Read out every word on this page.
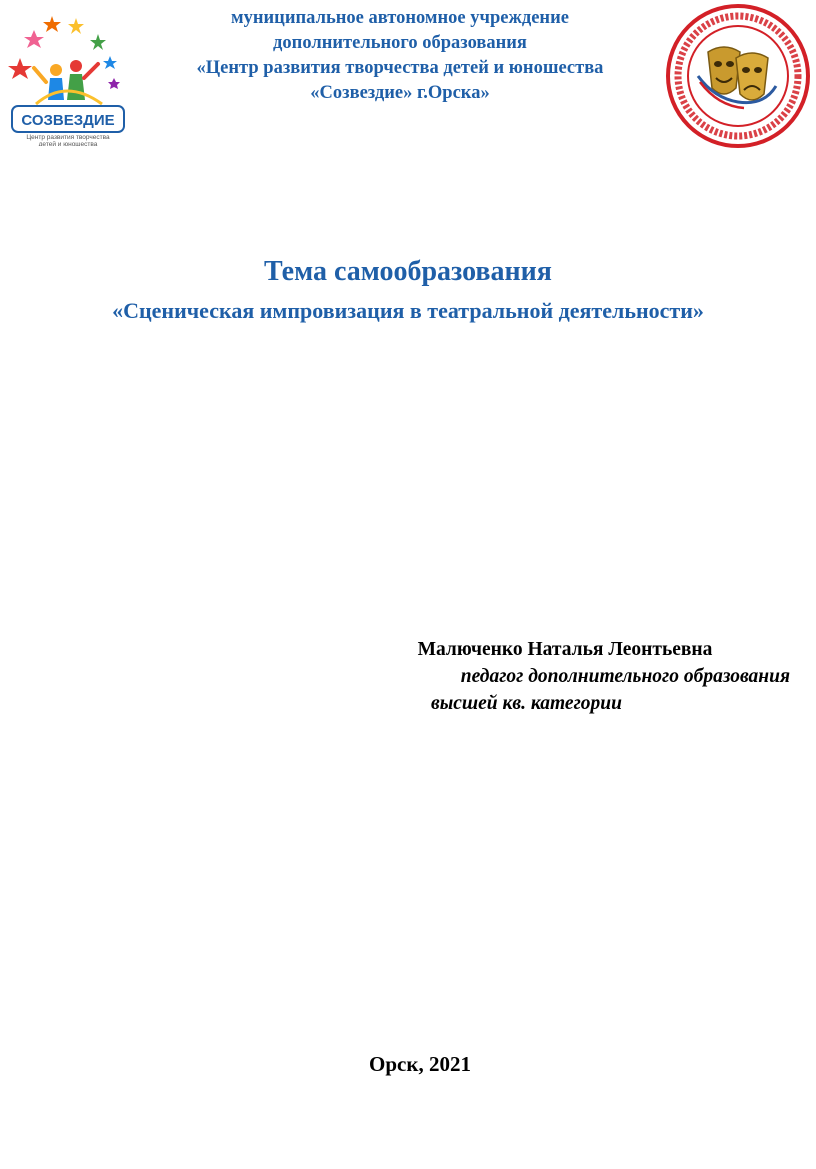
СОЗВЕЗДИЕ
Центр развития творчества
детей и юношества
муниципальное автономное учреждение
дополнительного образования
«Центр развития творчества детей и юношества
«Созвездие» г.Орска»
Тема самообразования
«Сценическая импровизация в театральной деятельности»
Малюченко Наталья Леонтьевна
педагог дополнительного образования
высшей кв. категории
Орск, 2021
